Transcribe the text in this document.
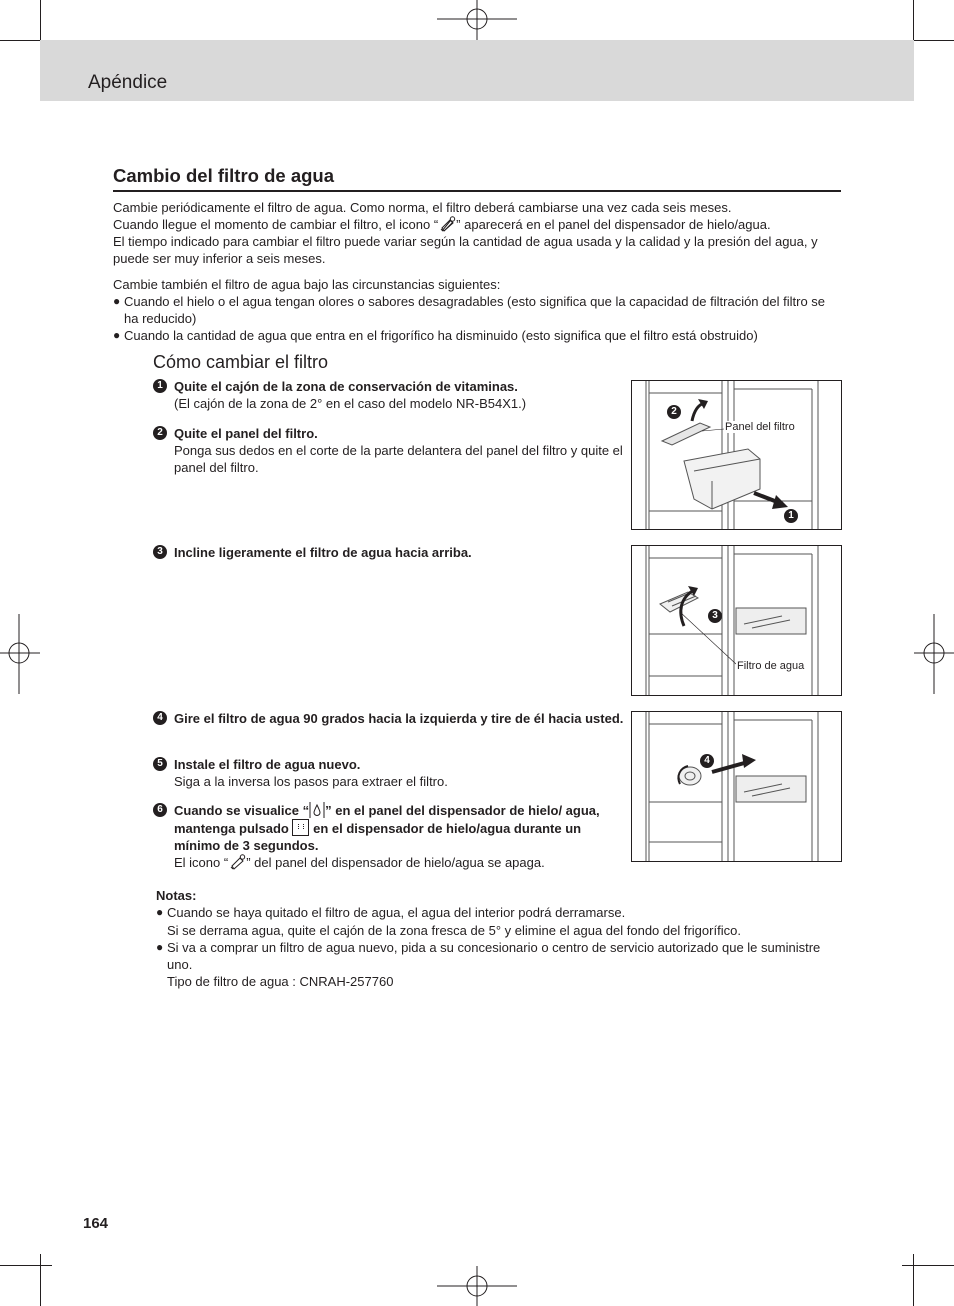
Apéndice
Cambio del filtro de agua
Cambie periódicamente el filtro de agua. Como norma, el filtro deberá cambiarse una vez cada seis meses.
Cuando llegue el momento de cambiar el filtro, el icono “ ” aparecerá en el panel del dispensador de hielo/agua.
El tiempo indicado para cambiar el filtro puede variar según la cantidad de agua usada y la calidad y la presión del agua, y puede ser muy inferior a seis meses.
Cambie también el filtro de agua bajo las circunstancias siguientes:
● Cuando el hielo o el agua tengan olores o sabores desagradables (esto significa que la capacidad de filtración del filtro se ha reducido)
● Cuando la cantidad de agua que entra en el frigorífico ha disminuido (esto significa que el filtro está obstruido)
Cómo cambiar el filtro
1 Quite el cajón de la zona de conservación de vitaminas.
(El cajón de la zona de 2° en el caso del modelo NR-B54X1.)
2 Quite el panel del filtro.
Ponga sus dedos en el corte de la parte delantera del panel del filtro y quite el panel del filtro.
3 Incline ligeramente el filtro de agua hacia arriba.
4 Gire el filtro de agua 90 grados hacia la izquierda y tire de él hacia usted.
5 Instale el filtro de agua nuevo.
Siga a la inversa los pasos para extraer el filtro.
6 Cuando se visualice “ ” en el panel del dispensador de hielo/ agua, mantenga pulsado en el dispensador de hielo/agua durante un mínimo de 3 segundos.
El icono “ ” del panel del dispensador de hielo/agua se apaga.
2
1
Panel del filtro
3
Filtro de agua
4
Notas:
● Cuando se haya quitado el filtro de agua, el agua del interior podrá derramarse.
Si se derrama agua, quite el cajón de la zona fresca de 5° y elimine el agua del fondo del frigorífico.
● Si va a comprar un filtro de agua nuevo, pida a su concesionario o centro de servicio autorizado que le suministre uno.
Tipo de filtro de agua : CNRAH-257760
164
